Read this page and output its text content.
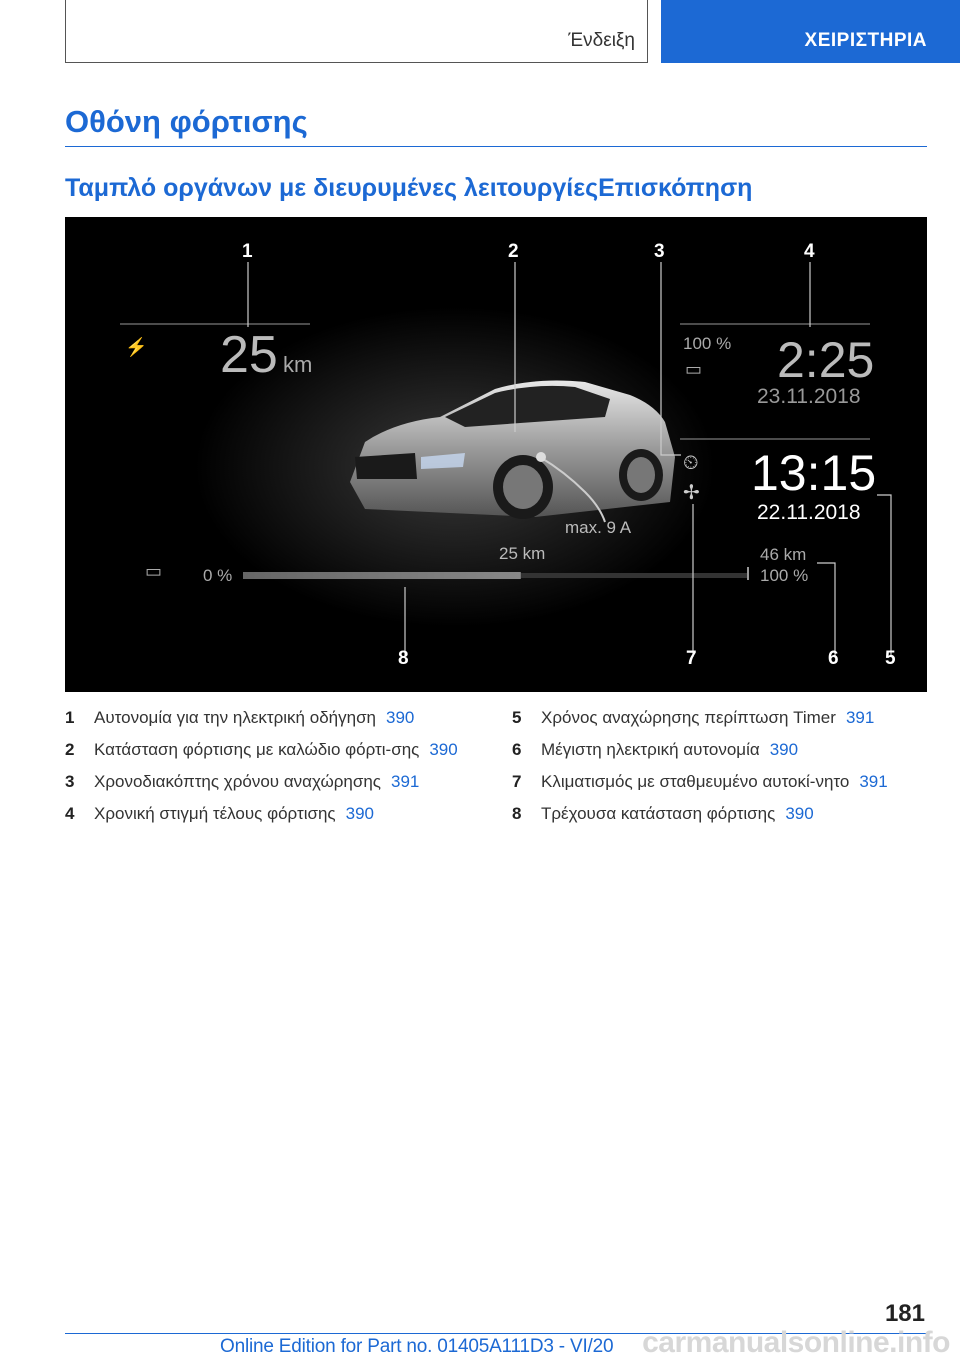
Ένδειξη	ΧΕΙΡΙΣΤΗΡΙΑ
Οθόνη φόρτισης
Ταμπλό οργάνων με διευρυμένες λειτουργίεςΕπισκόπηση
⚡ 25 km
100 %
▭ 2:25
23.11.2018
⏲
✢ 13:15
22.11.2018
max. 9 A
▭ 0 %
25 km	46 km
100 %
1	2	3	4
5
6
7
8
1	Αυτονομία για την ηλεκτρική οδήγηση 390
2	Κατάσταση φόρτισης με καλώδιο φόρτι-σης 390
3	Χρονοδιακόπτης χρόνου αναχώρησης 391
4	Χρονική στιγμή τέλους φόρτισης 390
5	Χρόνος αναχώρησης περίπτωση Timer 391
6	Μέγιστη ηλεκτρική αυτονομία 390
7	Κλιματισμός με σταθμευμένο αυτοκί-νητο 391
8	Τρέχουσα κατάσταση φόρτισης 390
181
carmanualsonline.info
Online Edition for Part no. 01405A111D3 - VI/20
